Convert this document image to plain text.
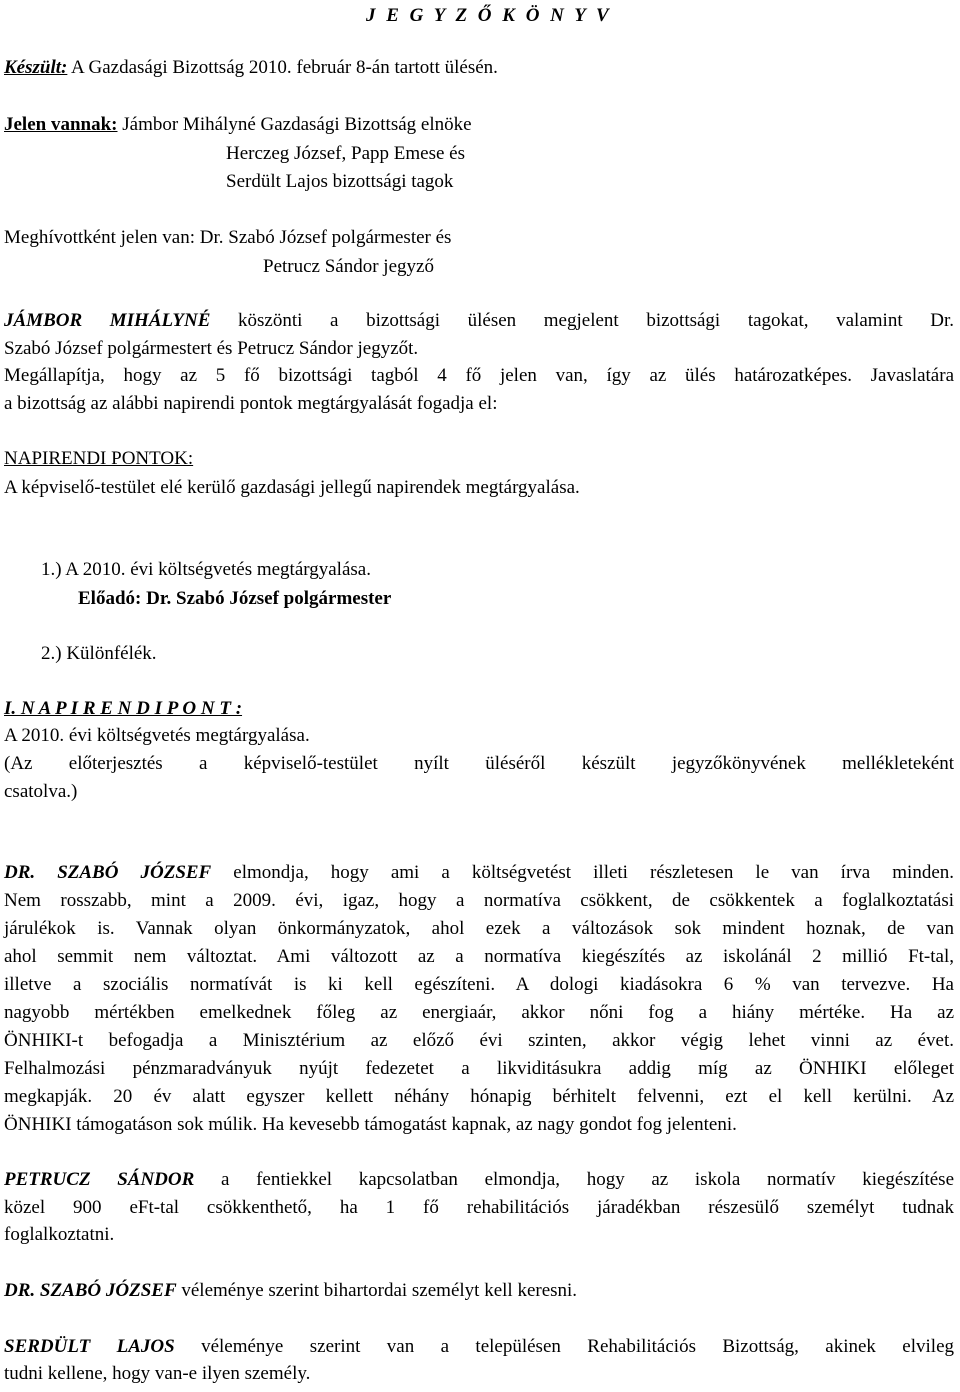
J E G Y Z Ő K Ö N Y V
Készült: A Gazdasági Bizottság 2010. február 8-án tartott ülésén.
Jelen vannak: Jámbor Mihályné Gazdasági Bizottság elnöke
Herczeg József, Papp Emese és
Serdült Lajos bizottsági tagok
Meghívottként jelen van: Dr. Szabó József polgármester és
Petrucz Sándor jegyző
JÁMBOR MIHÁLYNÉ köszönti a bizottsági ülésen megjelent bizottsági tagokat, valamint Dr.
Szabó József polgármestert és Petrucz Sándor jegyzőt.
Megállapítja, hogy az 5 fő bizottsági tagból 4 fő jelen van, így az ülés határozatképes. Javaslatára
a bizottság az alábbi napirendi pontok megtárgyalását fogadja el:
NAPIRENDI PONTOK:
A képviselő-testület elé kerülő gazdasági jellegű napirendek megtárgyalása.
1.) A 2010. évi költségvetés megtárgyalása.
Előadó: Dr. Szabó József polgármester
2.) Különfélék.
I. N A P I R E N D I P O N T :
A 2010. évi költségvetés megtárgyalása.
(Az előterjesztés a képviselő-testület nyílt üléséről készült jegyzőkönyvének mellékleteként
csatolva.)
DR. SZABÓ JÓZSEF elmondja, hogy ami a költségvetést illeti részletesen le van írva minden.
Nem rosszabb, mint a 2009. évi, igaz, hogy a normatíva csökkent, de csökkentek a foglalkoztatási
járulékok is. Vannak olyan önkormányzatok, ahol ezek a változások sok mindent hoznak, de van
ahol semmit nem változtat. Ami változott az a normatíva kiegészítés az iskolánál 2 millió Ft-tal,
illetve a szociális normatívát is ki kell egészíteni. A dologi kiadásokra 6 % van tervezve. Ha
nagyobb mértékben emelkednek főleg az energiaár, akkor nőni fog a hiány mértéke. Ha az
ÖNHIKI-t befogadja a Minisztérium az előző évi szinten, akkor végig lehet vinni az évet.
Felhalmozási pénzmaradványuk nyújt fedezetet a likviditásukra addig míg az ÖNHIKI előleget
megkapják. 20 év alatt egyszer kellett néhány hónapig bérhitelt felvenni, ezt el kell kerülni. Az
ÖNHIKI támogatáson sok múlik. Ha kevesebb támogatást kapnak, az nagy gondot fog jelenteni.
PETRUCZ SÁNDOR a fentiekkel kapcsolatban elmondja, hogy az iskola normatív kiegészítése
közel 900 eFt-tal csökkenthető, ha 1 fő rehabilitációs járadékban részesülő személyt tudnak
foglalkoztatni.
DR. SZABÓ JÓZSEF véleménye szerint bihartordai személyt kell keresni.
SERDÜLT LAJOS véleménye szerint van a településen Rehabilitációs Bizottság, akinek elvileg
tudni kellene, hogy van-e ilyen személy.
